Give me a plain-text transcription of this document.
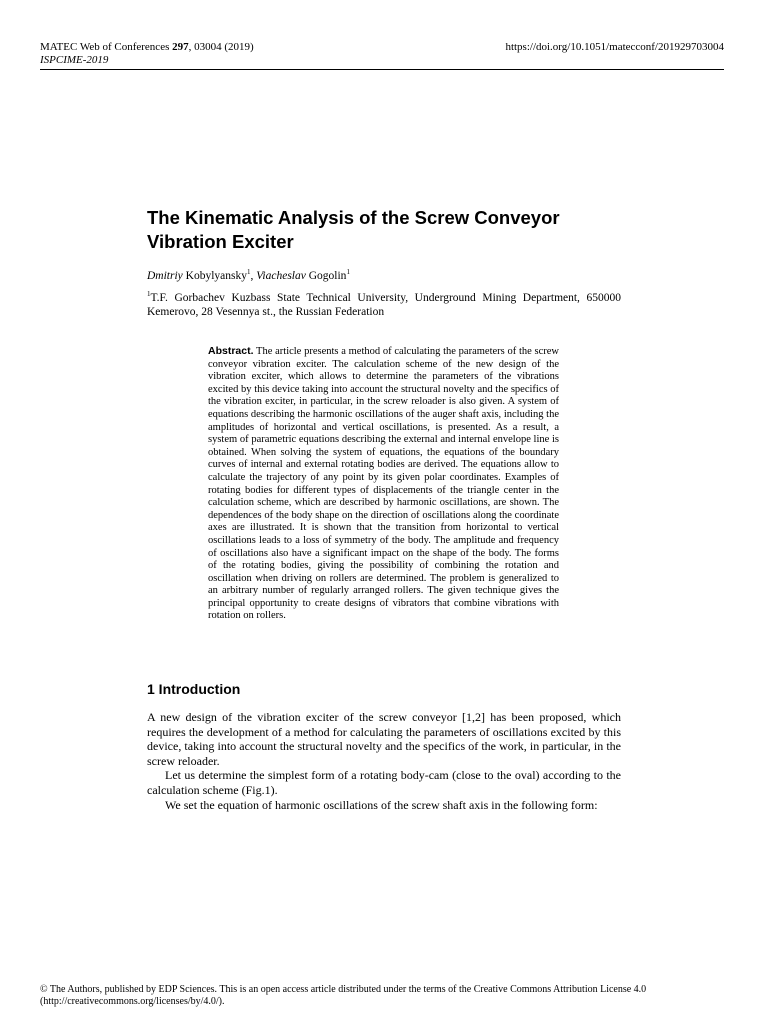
MATEC Web of Conferences 297, 03004 (2019)
ISPCIME-2019
https://doi.org/10.1051/matecconf/201929703004
The Kinematic Analysis of the Screw Conveyor Vibration Exciter
Dmitriy Kobylyansky$^1$, Viacheslav Gogolin$^1$
$^1$T.F. Gorbachev Kuzbass State Technical University, Underground Mining Department, 650000 Kemerovo, 28 Vesennya st., the Russian Federation
Abstract. The article presents a method of calculating the parameters of the screw conveyor vibration exciter. The calculation scheme of the new design of the vibration exciter, which allows to determine the parameters of the vibrations excited by this device taking into account the structural novelty and the specifics of the vibration exciter, in particular, in the screw reloader is also given. A system of equations describing the harmonic oscillations of the auger shaft axis, including the amplitudes of horizontal and vertical oscillations, is presented. As a result, a system of parametric equations describing the external and internal envelope line is obtained. When solving the system of equations, the equations of the boundary curves of internal and external rotating bodies are derived. The equations allow to calculate the trajectory of any point by its given polar coordinates. Examples of rotating bodies for different types of displacements of the triangle center in the calculation scheme, which are described by harmonic oscillations, are shown. The dependences of the body shape on the direction of oscillations along the coordinate axes are illustrated. It is shown that the transition from horizontal to vertical oscillations leads to a loss of symmetry of the body. The amplitude and frequency of oscillations also have a significant impact on the shape of the body. The forms of the rotating bodies, giving the possibility of combining the rotation and oscillation when driving on rollers are determined. The problem is generalized to an arbitrary number of regularly arranged rollers. The given technique gives the principal opportunity to create designs of vibrators that combine vibrations with rotation on rollers.
1 Introduction

A new design of the vibration exciter of the screw conveyor [1,2] has been proposed, which requires the development of a method for calculating the parameters of oscillations excited by this device, taking into account the structural novelty and the specifics of the work, in particular, in the screw reloader.

Let us determine the simplest form of a rotating body-cam (close to the oval) according to the calculation scheme (Fig.1).

We set the equation of harmonic oscillations of the screw shaft axis in the following form:

© The Authors, published by EDP Sciences. This is an open access article distributed under the terms of the Creative Commons Attribution License 4.0 (http://creativecommons.org/licenses/by/4.0/).
